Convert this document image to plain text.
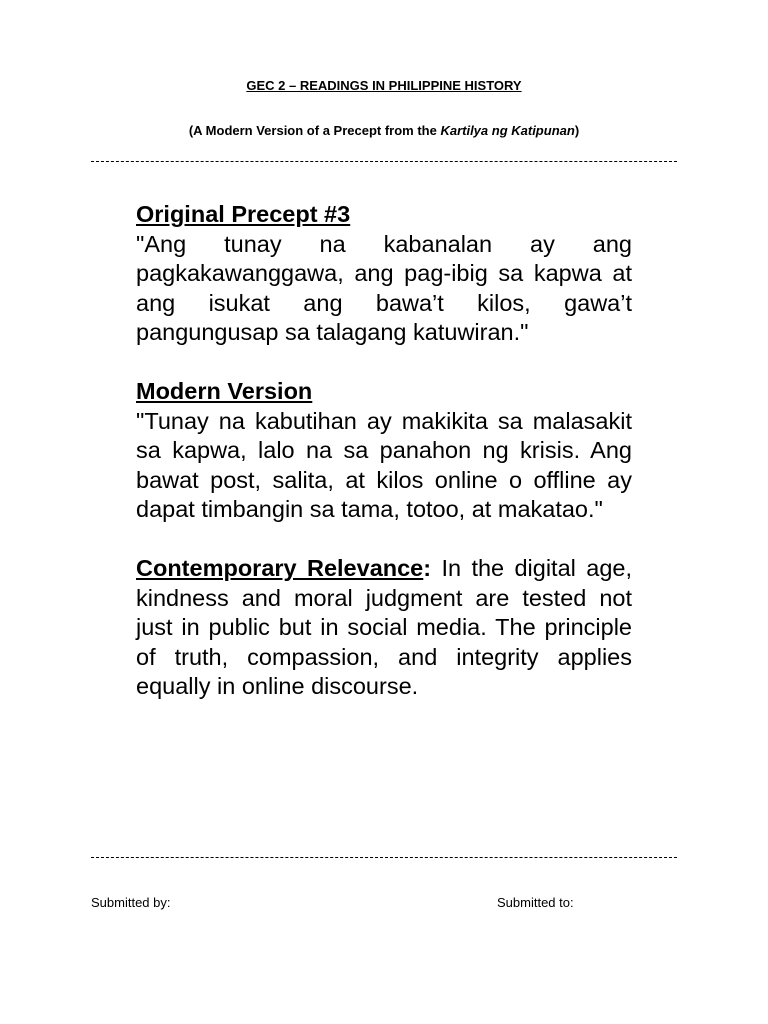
GEC 2 – READINGS IN PHILIPPINE HISTORY

(A Modern Version of a Precept from the Kartilya ng Katipunan)

Original Precept #3

"Ang tunay na kabanalan ay ang pagkakawanggawa, ang pag-ibig sa kapwa at ang isukat ang bawa’t kilos, gawa’t pangungusap sa talagang katuwiran."

Modern Version

"Tunay na kabutihan ay makikita sa malasakit sa kapwa, lalo na sa panahon ng krisis. Ang bawat post, salita, at kilos online o offline ay dapat timbangin sa tama, totoo, at makatao."

Contemporary Relevance: In the digital age, kindness and moral judgment are tested not just in public but in social media. The principle of truth, compassion, and integrity applies equally in online discourse.

Submitted by:	Submitted to:
